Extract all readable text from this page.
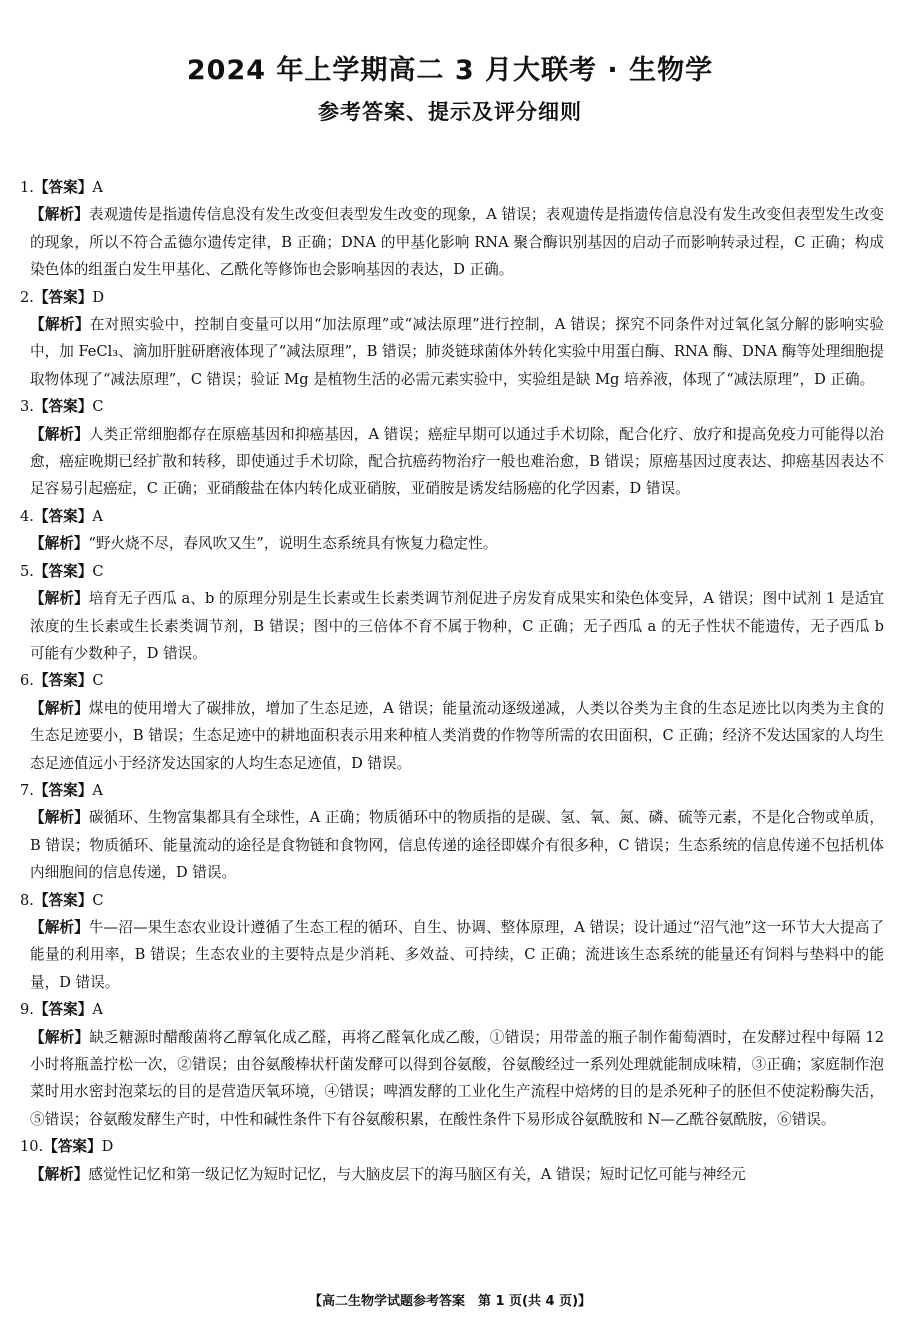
2024 年上学期高二 3 月大联考 · 生物学
参考答案、提示及评分细则

1.【答案】A

【解析】表观遗传是指遗传信息没有发生改变但表型发生改变的现象，A 错误；表观遗传是指遗传信息没有发生改变但表型发生改变的现象，所以不符合孟德尔遗传定律，B 正确；DNA 的甲基化影响 RNA 聚合酶识别基因的启动子而影响转录过程，C 正确；构成染色体的组蛋白发生甲基化、乙酰化等修饰也会影响基因的表达，D 正确。

2.【答案】D

【解析】在对照实验中，控制自变量可以用“加法原理”或“减法原理”进行控制，A 错误；探究不同条件对过氧化氢分解的影响实验中，加 FeCl₃、滴加肝脏研磨液体现了“减法原理”，B 错误；肺炎链球菌体外转化实验中用蛋白酶、RNA 酶、DNA 酶等处理细胞提取物体现了“减法原理”，C 错误；验证 Mg 是植物生活的必需元素实验中，实验组是缺 Mg 培养液，体现了“减法原理”，D 正确。

3.【答案】C

【解析】人类正常细胞都存在原癌基因和抑癌基因，A 错误；癌症早期可以通过手术切除，配合化疗、放疗和提高免疫力可能得以治愈，癌症晚期已经扩散和转移，即使通过手术切除，配合抗癌药物治疗一般也难治愈，B 错误；原癌基因过度表达、抑癌基因表达不足容易引起癌症，C 正确；亚硝酸盐在体内转化成亚硝胺，亚硝胺是诱发结肠癌的化学因素，D 错误。

4.【答案】A

【解析】“野火烧不尽，春风吹又生”，说明生态系统具有恢复力稳定性。

5.【答案】C

【解析】培育无子西瓜 a、b 的原理分别是生长素或生长素类调节剂促进子房发育成果实和染色体变异，A 错误；图中试剂 1 是适宜浓度的生长素或生长素类调节剂，B 错误；图中的三倍体不育不属于物种，C 正确；无子西瓜 a 的无子性状不能遗传，无子西瓜 b 可能有少数种子，D 错误。

6.【答案】C

【解析】煤电的使用增大了碳排放，增加了生态足迹，A 错误；能量流动逐级递减，人类以谷类为主食的生态足迹比以肉类为主食的生态足迹要小，B 错误；生态足迹中的耕地面积表示用来种植人类消费的作物等所需的农田面积，C 正确；经济不发达国家的人均生态足迹值远小于经济发达国家的人均生态足迹值，D 错误。

7.【答案】A

【解析】碳循环、生物富集都具有全球性，A 正确；物质循环中的物质指的是碳、氢、氧、氮、磷、硫等元素，不是化合物或单质，B 错误；物质循环、能量流动的途径是食物链和食物网，信息传递的途径即媒介有很多种，C 错误；生态系统的信息传递不包括机体内细胞间的信息传递，D 错误。

8.【答案】C

【解析】牛—沼—果生态农业设计遵循了生态工程的循环、自生、协调、整体原理，A 错误；设计通过“沼气池”这一环节大大提高了能量的利用率，B 错误；生态农业的主要特点是少消耗、多效益、可持续，C 正确；流进该生态系统的能量还有饲料与垫料中的能量，D 错误。

9.【答案】A

【解析】缺乏糖源时醋酸菌将乙醇氧化成乙醛，再将乙醛氧化成乙酸，①错误；用带盖的瓶子制作葡萄酒时，在发酵过程中每隔 12 小时将瓶盖拧松一次，②错误；由谷氨酸棒状杆菌发酵可以得到谷氨酸，谷氨酸经过一系列处理就能制成味精，③正确；家庭制作泡菜时用水密封泡菜坛的目的是营造厌氧环境，④错误；啤酒发酵的工业化生产流程中焙烤的目的是杀死种子的胚但不使淀粉酶失活，⑤错误；谷氨酸发酵生产时，中性和碱性条件下有谷氨酸积累，在酸性条件下易形成谷氨酰胺和 N—乙酰谷氨酰胺，⑥错误。

10.【答案】D

【解析】感觉性记忆和第一级记忆为短时记忆，与大脑皮层下的海马脑区有关，A 错误；短时记忆可能与神经元

【高二生物学试题参考答案　第 1 页(共 4 页)】
